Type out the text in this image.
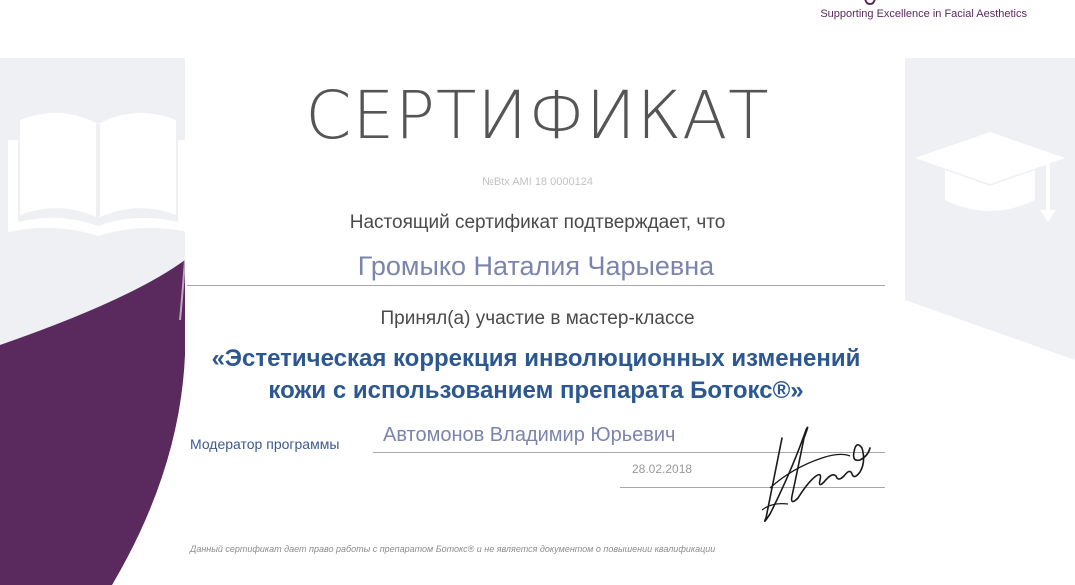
Supporting Excellence in Facial Aesthetics
СЕРТИФИКАТ
№Btx AMI 18 0000124
Настоящий сертификат подтверждает, что
Громыко Наталия Чарыевна
Принял(а) участие в мастер-классе
«Эстетическая коррекция инволюционных изменений
кожи с использованием препарата Ботокс®»
Модератор программы Автомонов Владимир Юрьевич
28.02.2018
Данный сертификат дает право работы с препаратом Ботокс® и не является документом о повышении квалификации
